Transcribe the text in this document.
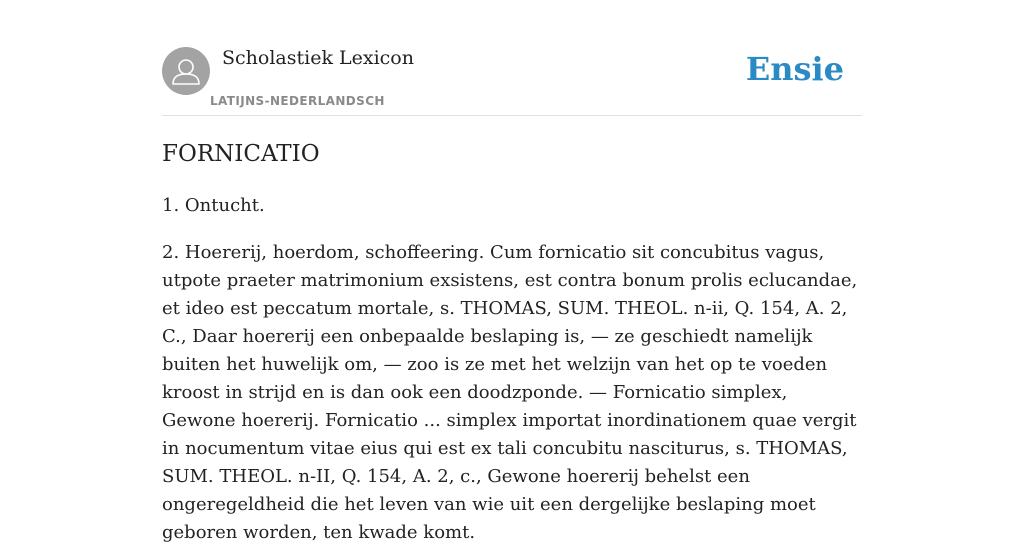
Scholastiek Lexicon
LATIJNS-NEDERLANDSCH
Ensie
FORNICATIO

1. Ontucht.

2. Hoererij, hoerdom, schoffeering. Cum fornicatio sit concubitus vagus, utpote praeter matrimonium exsistens, est contra bonum prolis eclucandae, et ideo est peccatum mortale, s. THOMAS, SUM. THEOL. n-ii, Q. 154, A. 2, C., Daar hoererij een onbepaalde beslaping is, — ze geschiedt namelijk buiten het huwelijk om, — zoo is ze met het welzijn van het op te voeden kroost in strijd en is dan ook een doodzponde. — Fornicatio simplex, Gewone hoererij. Fornicatio ... simplex importat inordinationem quae vergit in nocumentum vitae eius qui est ex tali concubitu nasciturus, s. THOMAS, SUM. THEOL. n-II, Q. 154, A. 2, c., Gewone hoererij behelst een ongeregeldheid die het leven van wie uit een dergelijke beslaping moet geboren worden, ten kwade komt.
